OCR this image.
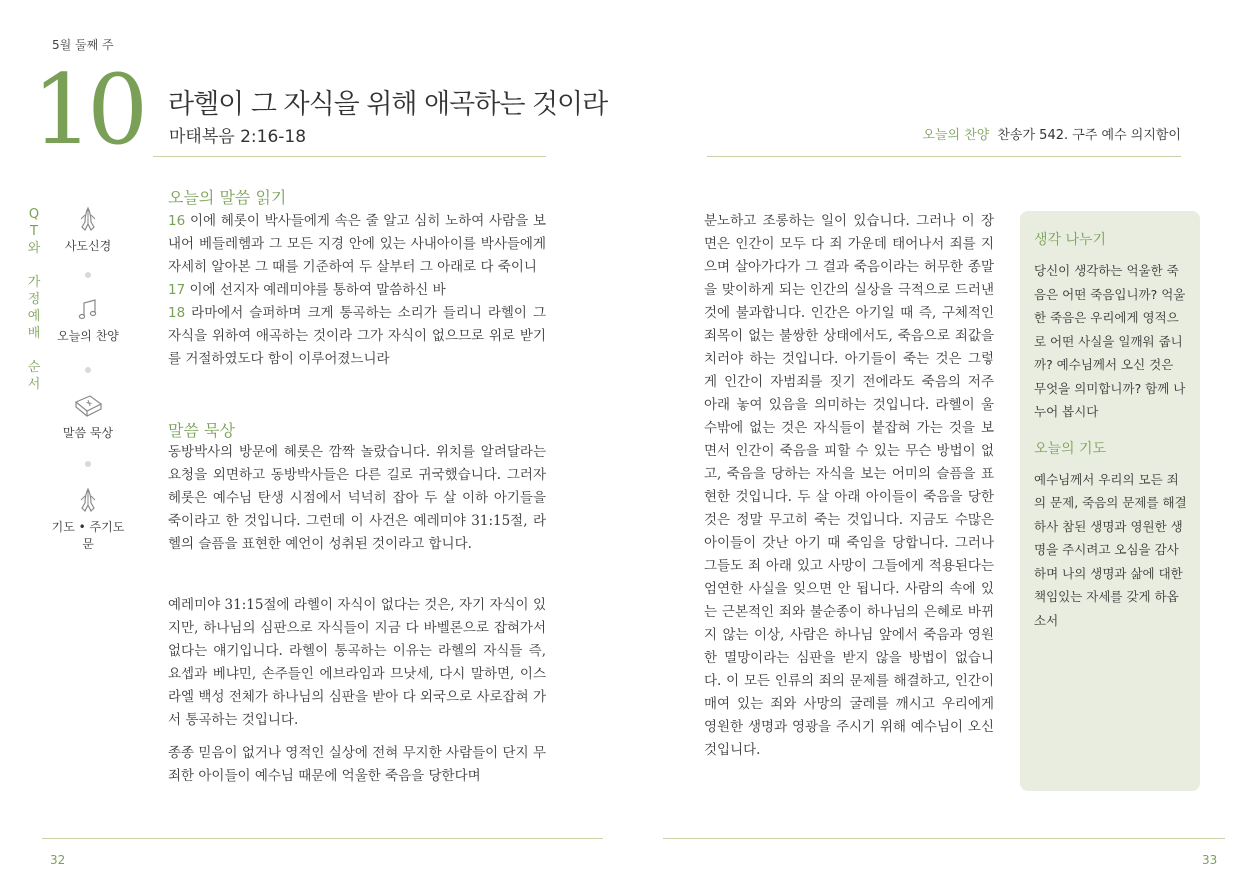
5월 둘째 주
10 라헬이 그 자식을 위해 애곡하는 것이라
마태복음 2:16-18	오늘의 찬양 찬송가 542. 구주 예수 의지함이
Q
T
와
가
정
예
배
순
서
사도신경
오늘의 찬양
말씀 묵상
기도 • 주기도문
오늘의 말씀 읽기

16 이에 헤롯이 박사들에게 속은 줄 알고 심히 노하여 사람을 보내어 베들레헴과 그 모든 지경 안에 있는 사내아이를 박사들에게 자세히 알아본 그 때를 기준하여 두 살부터 그 아래로 다 죽이니

17 이에 선지자 예레미야를 통하여 말씀하신 바

18 라마에서 슬퍼하며 크게 통곡하는 소리가 들리니 라헬이 그 자식을 위하여 애곡하는 것이라 그가 자식이 없으므로 위로 받기를 거절하였도다 함이 이루어졌느니라

말씀 묵상
동방박사의 방문에 헤롯은 깜짝 놀랐습니다. 위치를 알려달라는 요청을 외면하고 동방박사들은 다른 길로 귀국했습니다. 그러자 헤롯은 예수님 탄생 시점에서 넉넉히 잡아 두 살 이하 아기들을 죽이라고 한 것입니다. 그런데 이 사건은 예레미야 31:15절, 라헬의 슬픔을 표현한 예언이 성취된 것이라고 합니다.
예레미야 31:15절에 라헬이 자식이 없다는 것은, 자기 자식이 있지만, 하나님의 심판으로 자식들이 지금 다 바벨론으로 잡혀가서 없다는 얘기입니다. 라헬이 통곡하는 이유는 라헬의 자식들 즉, 요셉과 베냐민, 손주들인 에브라임과 므낫세, 다시 말하면, 이스라엘 백성 전체가 하나님의 심판을 받아 다 외국으로 사로잡혀 가서 통곡하는 것입니다.
종종 믿음이 없거나 영적인 실상에 전혀 무지한 사람들이 단지 무죄한 아이들이 예수님 때문에 억울한 죽음을 당한다며
분노하고 조롱하는 일이 있습니다. 그러나 이 장면은 인간이 모두 다 죄 가운데 태어나서 죄를 지으며 살아가다가 그 결과 죽음이라는 허무한 종말을 맞이하게 되는 인간의 실상을 극적으로 드러낸 것에 불과합니다. 인간은 아기일 때 즉, 구체적인 죄목이 없는 불쌍한 상태에서도, 죽음으로 죄값을 치러야 하는 것입니다. 아기들이 죽는 것은 그렇게 인간이 자범죄를 짓기 전에라도 죽음의 저주 아래 놓여 있음을 의미하는 것입니다. 라헬이 울 수밖에 없는 것은 자식들이 붙잡혀 가는 것을 보면서 인간이 죽음을 피할 수 있는 무슨 방법이 없고, 죽음을 당하는 자식을 보는 어미의 슬픔을 표현한 것입니다. 두 살 아래 아이들이 죽음을 당한 것은 정말 무고히 죽는 것입니다. 지금도 수많은 아이들이 갓난 아기 때 죽임을 당합니다. 그러나 그들도 죄 아래 있고 사망이 그들에게 적용된다는 엄연한 사실을 잊으면 안 됩니다. 사람의 속에 있는 근본적인 죄와 불순종이 하나님의 은혜로 바뀌지 않는 이상, 사람은 하나님 앞에서 죽음과 영원한 멸망이라는 심판을 받지 않을 방법이 없습니다. 이 모든 인류의 죄의 문제를 해결하고, 인간이 매여 있는 죄와 사망의 굴레를 깨시고 우리에게 영원한 생명과 영광을 주시기 위해 예수님이 오신 것입니다.
생각 나누기
당신이 생각하는 억울한 죽음은 어떤 죽음입니까? 억울한 죽음은 우리에게 영적으로 어떤 사실을 일깨워 줍니까? 예수님께서 오신 것은 무엇을 의미합니까? 함께 나누어 봅시다
오늘의 기도
예수님께서 우리의 모든 죄의 문제, 죽음의 문제를 해결하사 참된 생명과 영원한 생명을 주시려고 오심을 감사하며 나의 생명과 삶에 대한 책임있는 자세를 갖게 하옵소서
32	33
